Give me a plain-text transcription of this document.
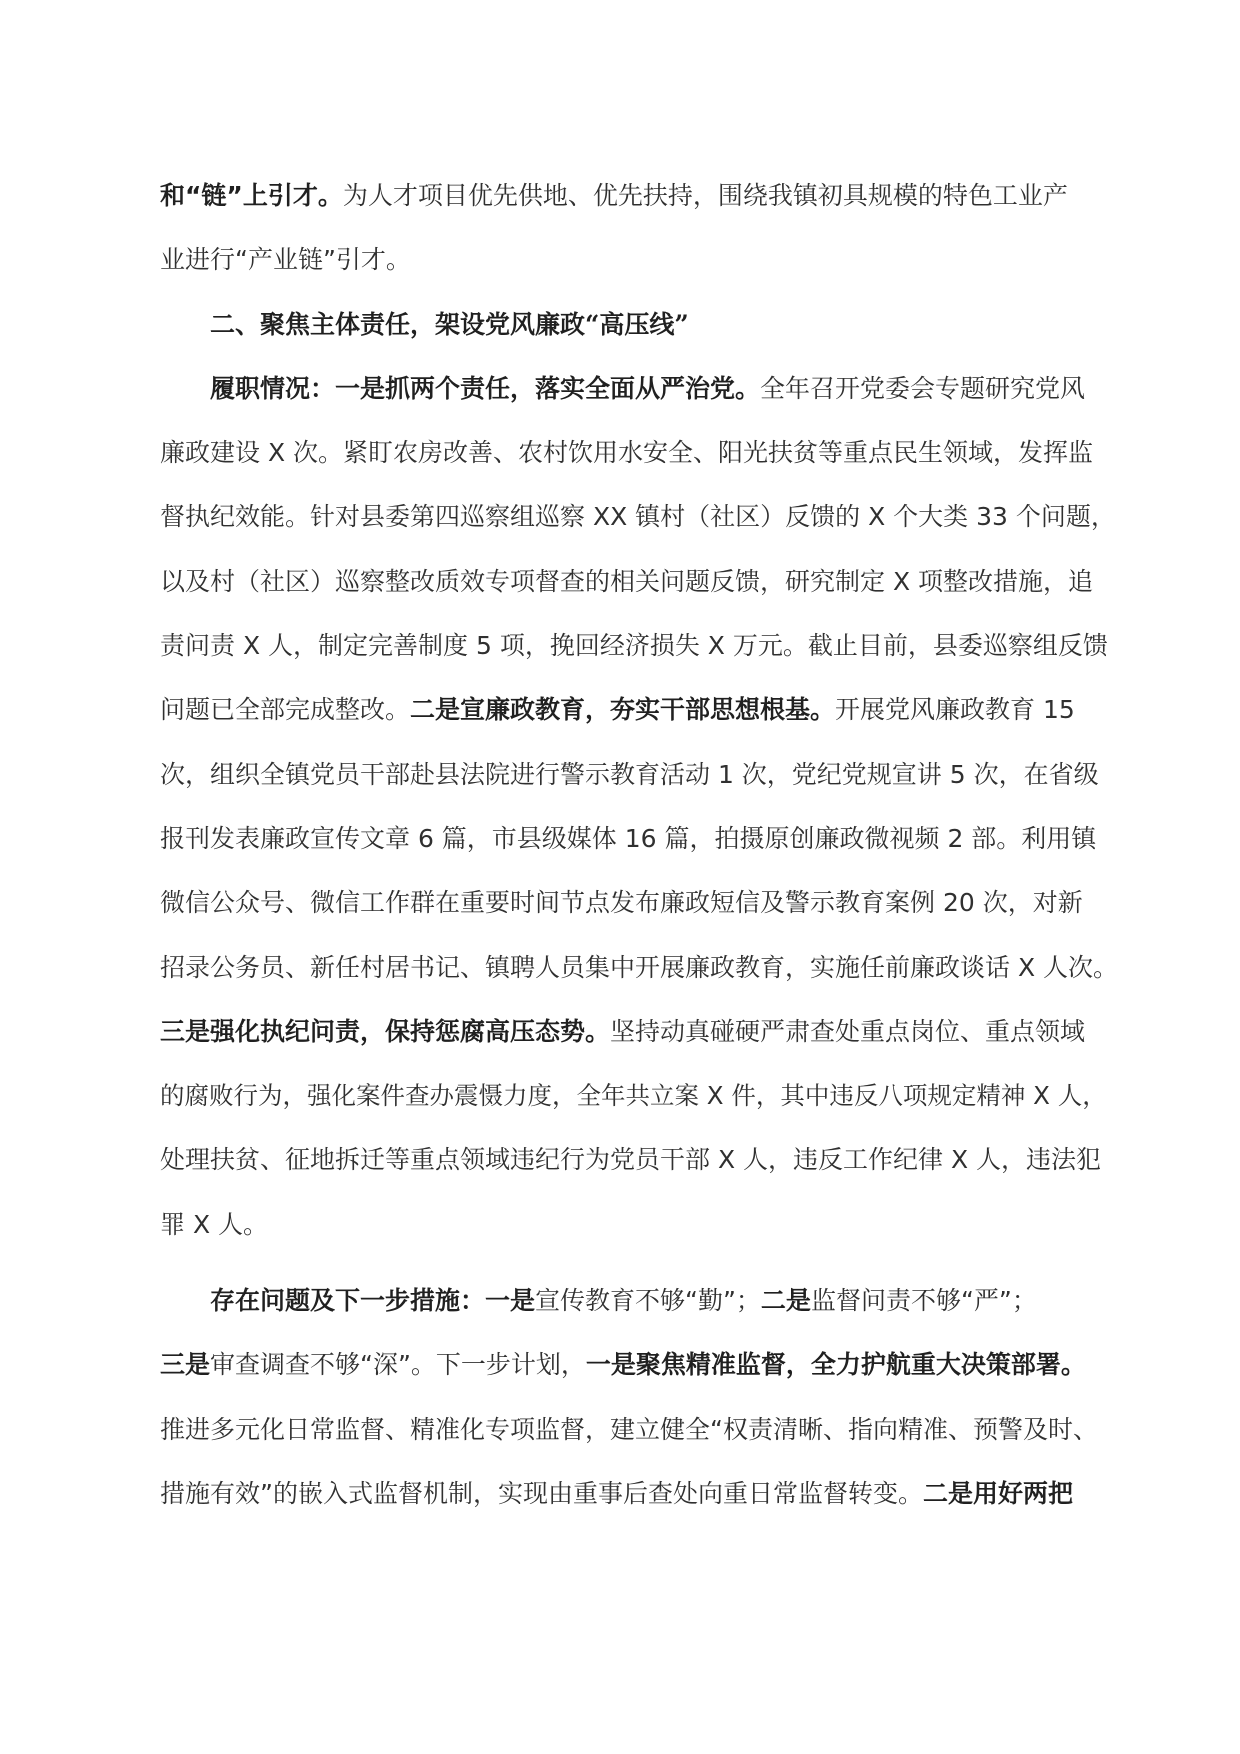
和“链”上引才。为人才项目优先供地、优先扶持，围绕我镇初具规模的特色工业产
业进行“产业链”引才。
二、聚焦主体责任，架设党风廉政“高压线”
履职情况：一是抓两个责任，落实全面从严治党。全年召开党委会专题研究党风
廉政建设 X 次。紧盯农房改善、农村饮用水安全、阳光扶贫等重点民生领域，发挥监
督执纪效能。针对县委第四巡察组巡察 XX 镇村（社区）反馈的 X 个大类 33 个问题，
以及村（社区）巡察整改质效专项督查的相关问题反馈，研究制定 X 项整改措施，追
责问责 X 人，制定完善制度 5 项，挽回经济损失 X 万元。截止目前，县委巡察组反馈
问题已全部完成整改。二是宣廉政教育，夯实干部思想根基。开展党风廉政教育 15
次，组织全镇党员干部赴县法院进行警示教育活动 1 次，党纪党规宣讲 5 次，在省级
报刊发表廉政宣传文章 6 篇，市县级媒体 16 篇，拍摄原创廉政微视频 2 部。利用镇
微信公众号、微信工作群在重要时间节点发布廉政短信及警示教育案例 20 次，对新
招录公务员、新任村居书记、镇聘人员集中开展廉政教育，实施任前廉政谈话 X 人次。
三是强化执纪问责，保持惩腐高压态势。坚持动真碰硬严肃查处重点岗位、重点领域
的腐败行为，强化案件查办震慑力度，全年共立案 X 件，其中违反八项规定精神 X 人，
处理扶贫、征地拆迁等重点领域违纪行为党员干部 X 人，违反工作纪律 X 人，违法犯
罪 X 人。
存在问题及下一步措施：一是宣传教育不够“勤”；二是监督问责不够“严”；
三是审查调查不够“深”。下一步计划，一是聚焦精准监督，全力护航重大决策部署。
推进多元化日常监督、精准化专项监督，建立健全“权责清晰、指向精准、预警及时、
措施有效”的嵌入式监督机制，实现由重事后查处向重日常监督转变。二是用好两把
